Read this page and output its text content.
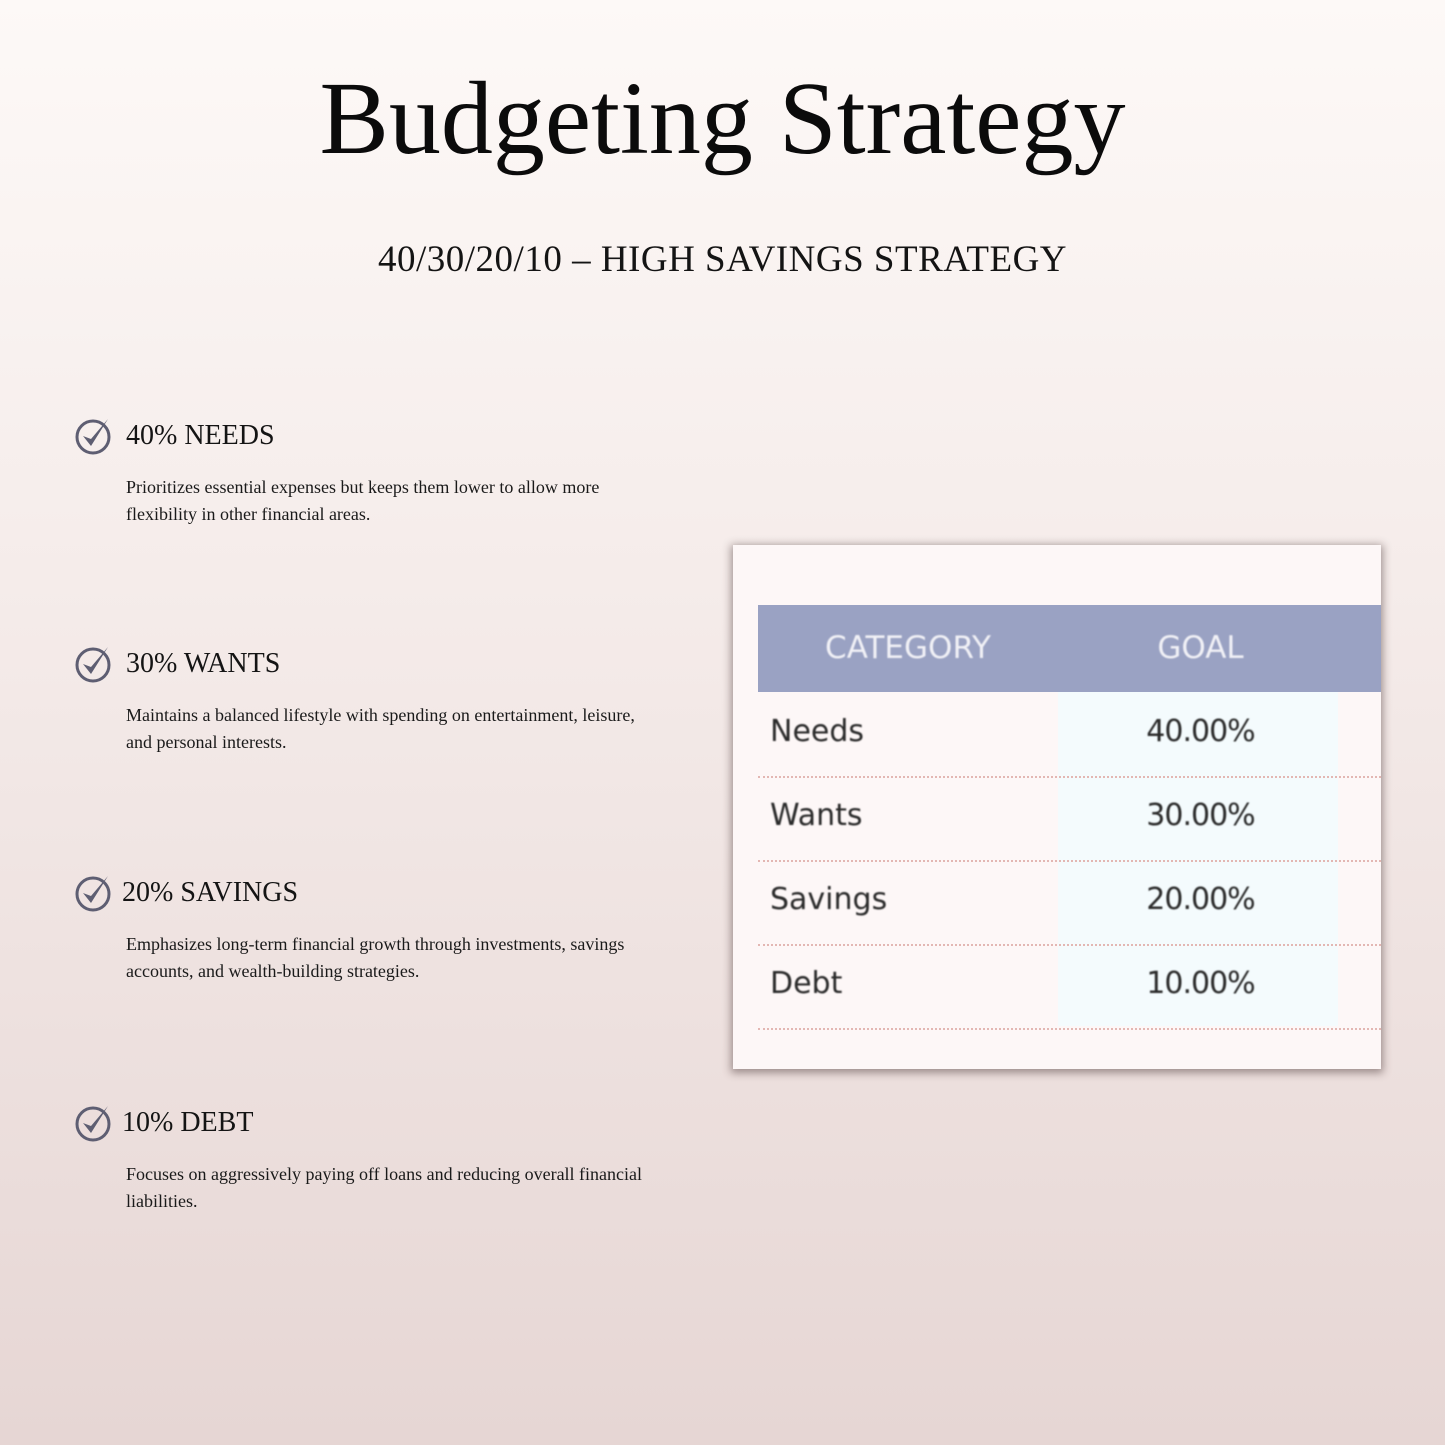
Budgeting Strategy
40/30/20/10 – HIGH SAVINGS STRATEGY
40% NEEDS
Prioritizes essential expenses but keeps them lower to allow more flexibility in other financial areas.
30% WANTS
Maintains a balanced lifestyle with spending on entertainment, leisure, and personal interests.
20% SAVINGS
Emphasizes long-term financial growth through investments, savings accounts, and wealth-building strategies.
10% DEBT
Focuses on aggressively paying off loans and reducing overall financial liabilities.
CATEGORY	GOAL
Needs	40.00%
Wants	30.00%
Savings	20.00%
Debt	10.00%
